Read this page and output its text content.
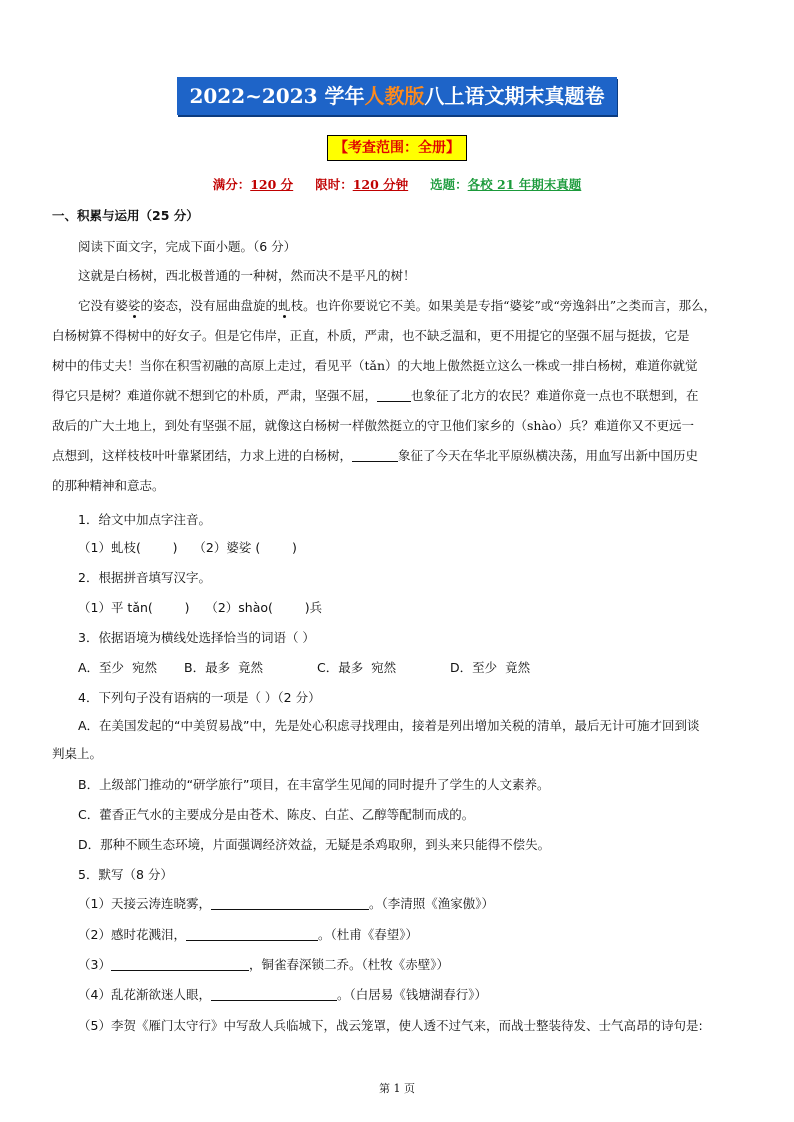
2022~2023 学年人教版八上语文期末真题卷
【考查范围：全册】
满分：120 分 限时：120 分钟 选题：各校 21 年期末真题
一、积累与运用（25 分）
阅读下面文字，完成下面小题。（6 分）
这就是白杨树，西北极普通的一种树，然而决不是平凡的树！
它没有婆娑的姿态，没有屈曲盘旋的虬枝。也许你要说它不美。如果美是专指“婆娑”或“旁逸斜出”之类而言，那么，
白杨树算不得树中的好女子。但是它伟岸，正直，朴质，严肃，也不缺乏温和，更不用提它的坚强不屈与挺拔，它是
树中的伟丈夫！当你在积雪初融的高原上走过，看见平（tǎn）的大地上傲然挺立这么一株或一排白杨树，难道你就觉
得它只是树？难道你就不想到它的朴质，严肃，坚强不屈，	也象征了北方的农民？难道你竟一点也不联想到，在
敌后的广大土地上，到处有坚强不屈，就像这白杨树一样傲然挺立的守卫他们家乡的（shào）兵？难道你又不更远一
点想到，这样枝枝叶叶靠紧团结，力求上进的白杨树，	象征了今天在华北平原纵横决荡，用血写出新中国历史
的那种精神和意志。
1．给文中加点字注音。
（1）虬枝(        )    （2）婆娑 (        )
2．根据拼音填写汉字。
（1）平 tǎn(        )    （2）shào(        )兵
3．依据语境为横线处选择恰当的词语（ ）
A．至少  宛然 B．最多  竟然	C．最多  宛然	D．至少  竟然
4．下列句子没有语病的一项是（ ）（2 分）
A．在美国发起的“中美贸易战”中，先是处心积虑寻找理由，接着是列出增加关税的清单，最后无计可施才回到谈
判桌上。
B．上级部门推动的“研学旅行”项目，在丰富学生见闻的同时提升了学生的人文素养。
C．藿香正气水的主要成分是由苍术、陈皮、白芷、乙醇等配制而成的。
D．那种不顾生态环境，片面强调经济效益，无疑是杀鸡取卵，到头来只能得不偿失。
5．默写（8 分）
（1）天接云涛连晓雾，	。（李清照《渔家傲》）
（2）感时花溅泪，	。（杜甫《春望》）
（3）	，铜雀春深锁二乔。（杜牧《赤壁》）
（4）乱花渐欲迷人眼，	。（白居易《钱塘湖春行》）
（5）李贺《雁门太守行》中写敌人兵临城下，战云笼罩，使人透不过气来，而战士整装待发、士气高昂的诗句是:
第 1 页
